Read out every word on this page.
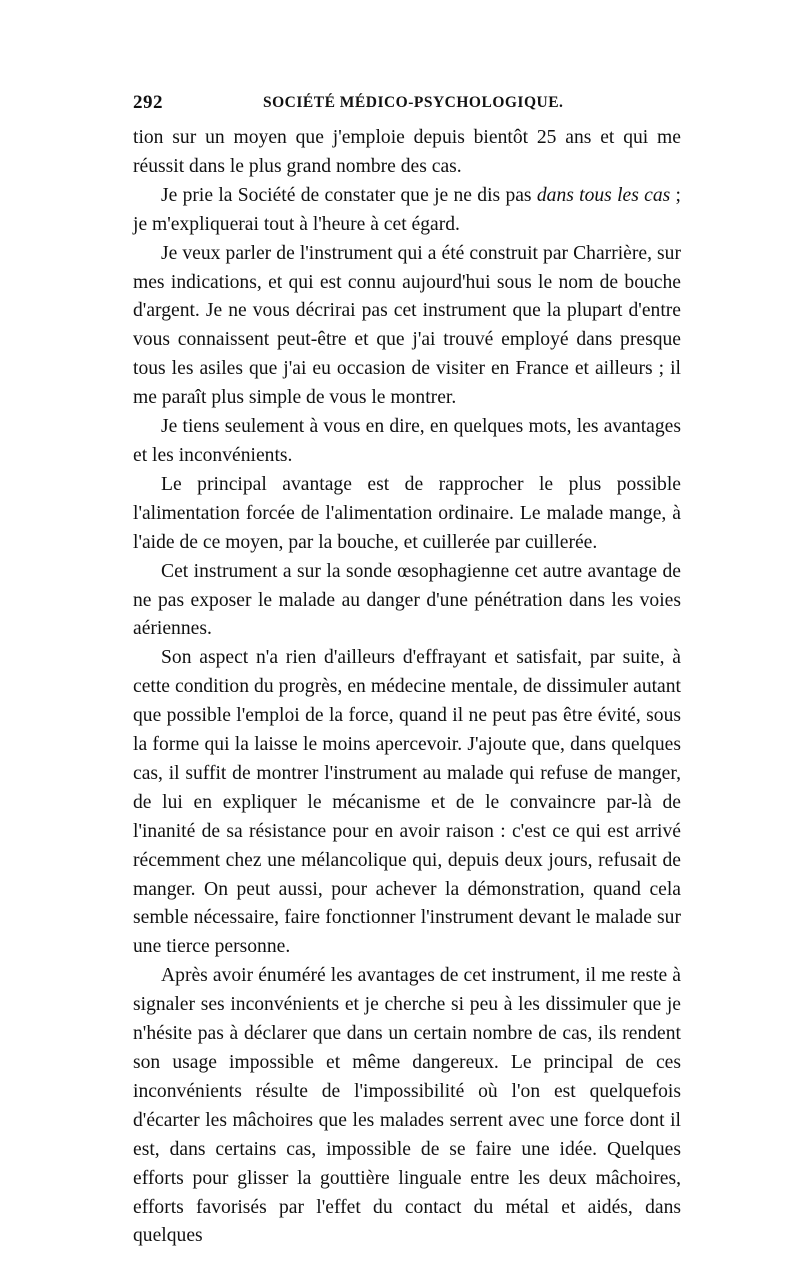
292	SOCIÉTÉ MÉDICO-PSYCHOLOGIQUE.

tion sur un moyen que j'emploie depuis bientôt 25 ans et qui me réussit dans le plus grand nombre des cas.

Je prie la Société de constater que je ne dis pas dans tous les cas ; je m'expliquerai tout à l'heure à cet égard.

Je veux parler de l'instrument qui a été construit par Charrière, sur mes indications, et qui est connu aujourd'hui sous le nom de bouche d'argent. Je ne vous décrirai pas cet instrument que la plupart d'entre vous connaissent peut-être et que j'ai trouvé employé dans presque tous les asiles que j'ai eu occasion de visiter en France et ailleurs ; il me paraît plus simple de vous le montrer.

Je tiens seulement à vous en dire, en quelques mots, les avantages et les inconvénients.

Le principal avantage est de rapprocher le plus possible l'alimentation forcée de l'alimentation ordinaire. Le malade mange, à l'aide de ce moyen, par la bouche, et cuillerée par cuillerée.

Cet instrument a sur la sonde œsophagienne cet autre avantage de ne pas exposer le malade au danger d'une pénétration dans les voies aériennes.

Son aspect n'a rien d'ailleurs d'effrayant et satisfait, par suite, à cette condition du progrès, en médecine mentale, de dissimuler autant que possible l'emploi de la force, quand il ne peut pas être évité, sous la forme qui la laisse le moins apercevoir. J'ajoute que, dans quelques cas, il suffit de montrer l'instrument au malade qui refuse de manger, de lui en expliquer le mécanisme et de le convaincre par-là de l'inanité de sa résistance pour en avoir raison : c'est ce qui est arrivé récemment chez une mélancolique qui, depuis deux jours, refusait de manger. On peut aussi, pour achever la démonstration, quand cela semble nécessaire, faire fonctionner l'instrument devant le malade sur une tierce personne.

Après avoir énuméré les avantages de cet instrument, il me reste à signaler ses inconvénients et je cherche si peu à les dissimuler que je n'hésite pas à déclarer que dans un certain nombre de cas, ils rendent son usage impossible et même dangereux. Le principal de ces inconvénients résulte de l'impossibilité où l'on est quelquefois d'écarter les mâchoires que les malades serrent avec une force dont il est, dans certains cas, impossible de se faire une idée. Quelques efforts pour glisser la gouttière linguale entre les deux mâchoires, efforts favorisés par l'effet du contact du métal et aidés, dans quelques
